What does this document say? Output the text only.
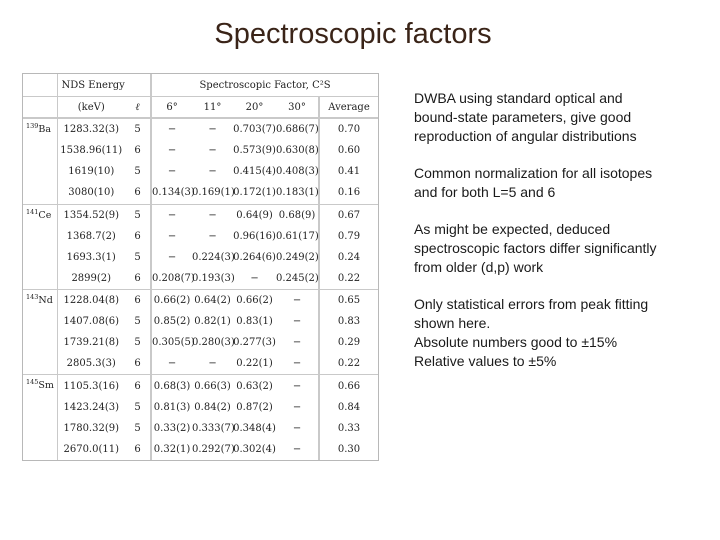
Spectroscopic factors
	NDS Energy		Spectroscopic Factor, C²S				
	(keV)	ℓ	6°	11°	20°	30°	Average
$^{139}$Ba	1283.32(3)	5	−	−	0.703(7)	0.686(7)	0.70
	1538.96(11)	6	−	−	0.573(9)	0.630(8)	0.60
	1619(10)	5	−	−	0.415(4)	0.408(3)	0.41
	3080(10)	6	0.134(3)	0.169(1)	0.172(1)	0.183(1)	0.16
$^{141}$Ce	1354.52(9)	5	−	−	0.64(9)	0.68(9)	0.67
	1368.7(2)	6	−	−	0.96(16)	0.61(17)	0.79
	1693.3(1)	5	−	0.224(3)	0.264(6)	0.249(2)	0.24
	2899(2)	6	0.208(7)	0.193(3)	−	0.245(2)	0.22
$^{143}$Nd	1228.04(8)	6	0.66(2)	0.64(2)	0.66(2)	−	0.65
	1407.08(6)	5	0.85(2)	0.82(1)	0.83(1)	−	0.83
	1739.21(8)	5	0.305(5)	0.280(3)	0.277(3)	−	0.29
	2805.3(3)	6	−	−	0.22(1)	−	0.22
$^{145}$Sm	1105.3(16)	6	0.68(3)	0.66(3)	0.63(2)	−	0.66
	1423.24(3)	5	0.81(3)	0.84(2)	0.87(2)	−	0.84
	1780.32(9)	5	0.33(2)	0.333(7)	0.348(4)	−	0.33
	2670.0(11)	6	0.32(1)	0.292(7)	0.302(4)	−	0.30
DWBA using standard optical and
bound-state parameters, give good
reproduction of angular distributions
Common normalization for all isotopes
and for both L=5 and 6
As might be expected, deduced
spectroscopic factors differ significantly
from older (d,p) work
Only statistical errors from peak fitting
shown here.
Absolute numbers good to ±15%
Relative values to ±5%
